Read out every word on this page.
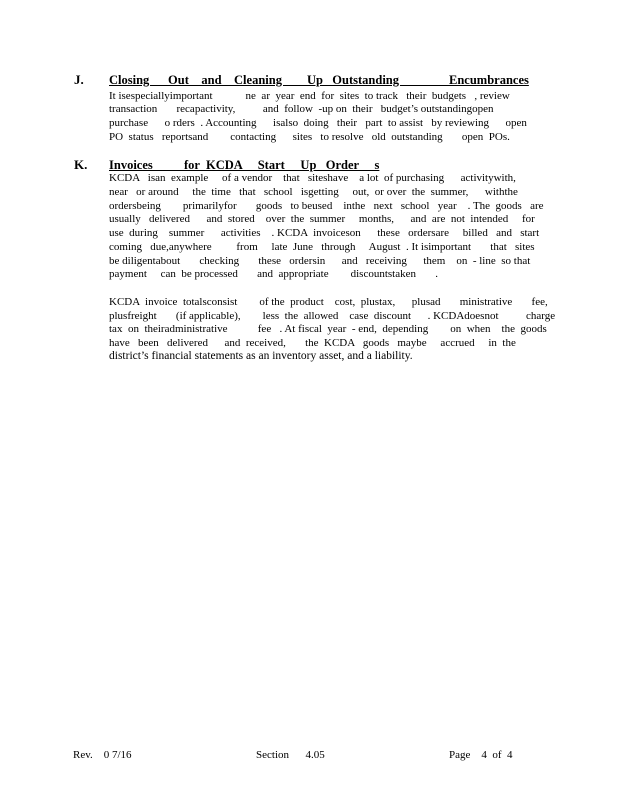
J. Closing      Out    and    Cleaning        Up   Outstanding                Encumbrances
It isespeciallyimportant            ne  ar  year  end  for  sites  to track   their  budgets   , review
transaction       recapactivity,          and  follow  -up on  their   budget’s outstandingopen
purchase      o rders  . Accounting      isalso  doing   their   part  to assist   by reviewing      open
PO  status   reportsand        contacting      sites   to resolve   old  outstanding       open  POs.
K. Invoices          for  KCDA     Start     Up   Order     s
KCDA   isan  example     of a vendor    that   siteshave    a lot  of purchasing      activitywith,
near   or around     the  time   that   school   isgetting     out,  or over  the  summer,      withthe
ordersbeing        primarilyfor       goods   to beused    inthe   next   school   year    . The  goods   are
usually   delivered      and  stored    over  the  summer     months,      and  are  not  intended     for
use  during    summer      activities    . KCDA  invoiceson      these   ordersare     billed   and   start
coming   due,anywhere         from     late  June   through     August  . It isimportant       that   sites
be diligentabout       checking       these   ordersin      and   receiving      them    on  - line  so that
payment     can  be processed       and  appropriate        discountstaken       .
KCDA  invoice  totalsconsist        of the  product    cost,  plustax,      plusad       ministrative       fee,
plusfreight       (if applicable),        less  the  allowed    case  discount      . KCDAdoesnot          charge
tax  on  theiradministrative           fee   . At fiscal  year  - end,  depending        on  when    the  goods
have   been   delivered      and  received,       the  KCDA   goods   maybe     accrued     in  the
district’s financial statements as an inventory asset, and a liability.
Rev.    0 7/16	Section      4.05	Page    4  of  4
